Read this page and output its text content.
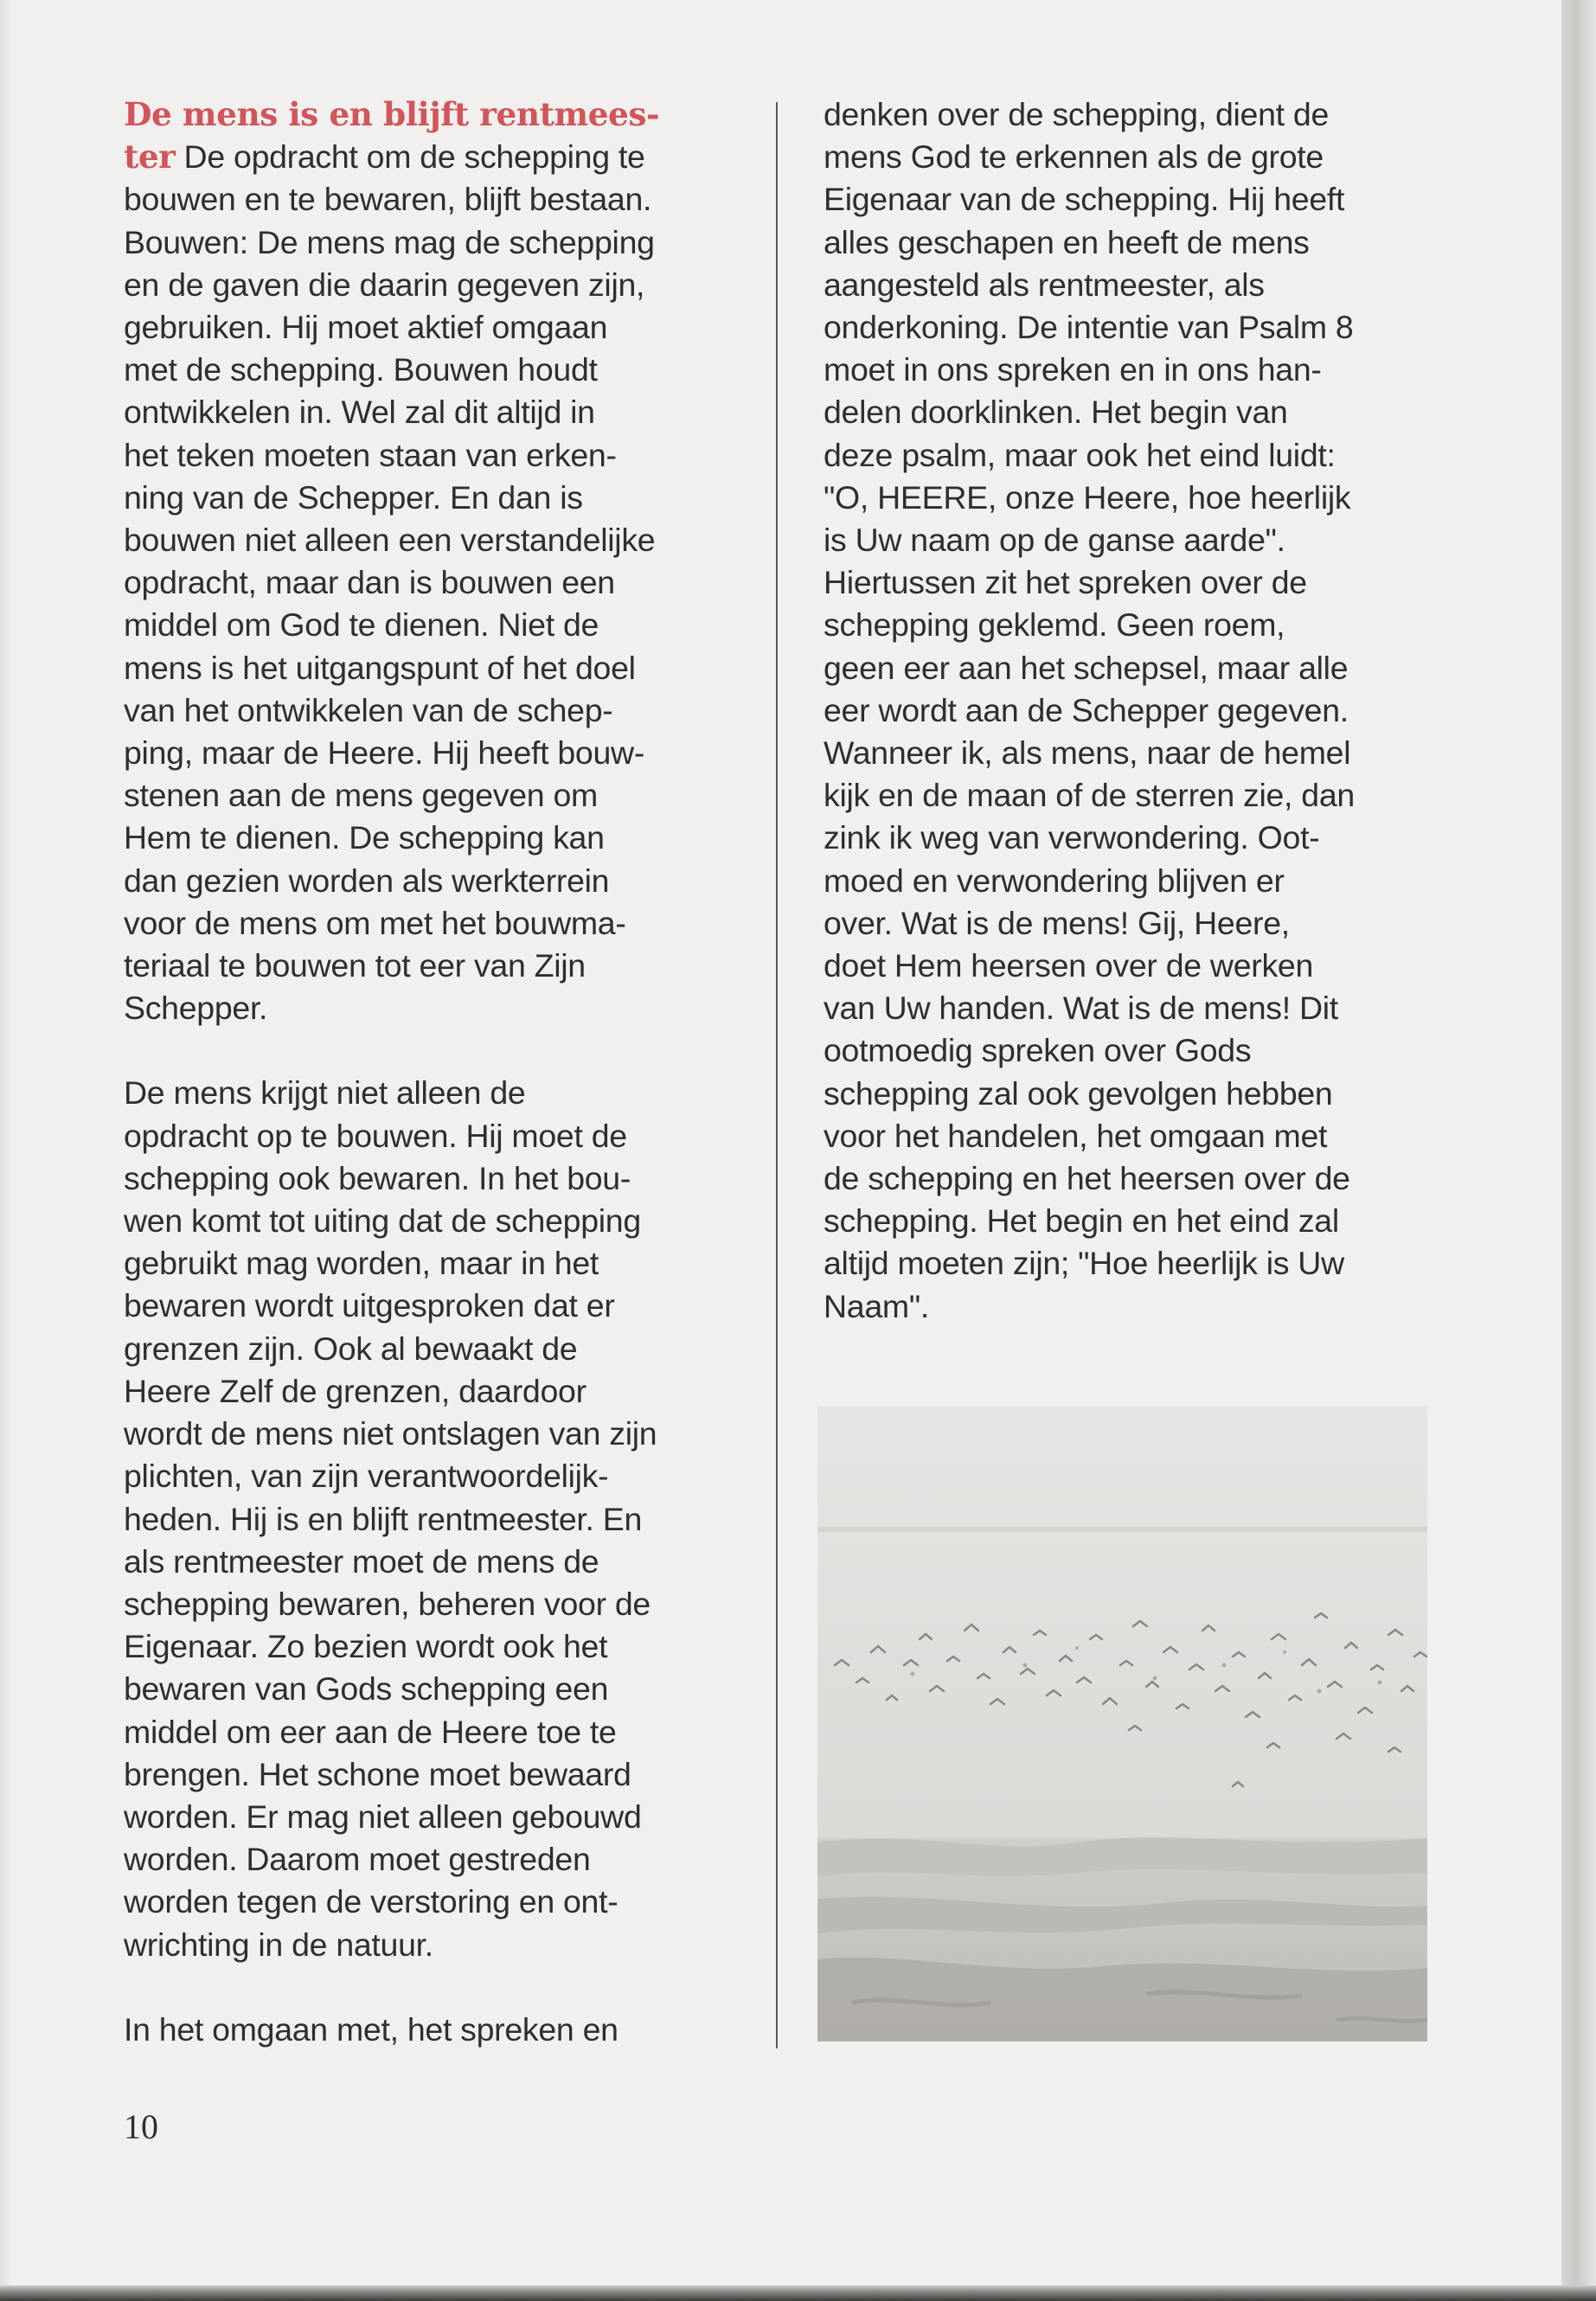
De mens is en blijft rentmees-
ter De opdracht om de schepping te
bouwen en te bewaren, blijft bestaan.
Bouwen: De mens mag de schepping
en de gaven die daarin gegeven zijn,
gebruiken. Hij moet aktief omgaan
met de schepping. Bouwen houdt
ontwikkelen in. Wel zal dit altijd in
het teken moeten staan van erken-
ning van de Schepper. En dan is
bouwen niet alleen een verstandelijke
opdracht, maar dan is bouwen een
middel om God te dienen. Niet de
mens is het uitgangspunt of het doel
van het ontwikkelen van de schep-
ping, maar de Heere. Hij heeft bouw-
stenen aan de mens gegeven om
Hem te dienen. De schepping kan
dan gezien worden als werkterrein
voor de mens om met het bouwma-
teriaal te bouwen tot eer van Zijn
Schepper.

De mens krijgt niet alleen de
opdracht op te bouwen. Hij moet de
schepping ook bewaren. In het bou-
wen komt tot uiting dat de schepping
gebruikt mag worden, maar in het
bewaren wordt uitgesproken dat er
grenzen zijn. Ook al bewaakt de
Heere Zelf de grenzen, daardoor
wordt de mens niet ontslagen van zijn
plichten, van zijn verantwoordelijk-
heden. Hij is en blijft rentmeester. En
als rentmeester moet de mens de
schepping bewaren, beheren voor de
Eigenaar. Zo bezien wordt ook het
bewaren van Gods schepping een
middel om eer aan de Heere toe te
brengen. Het schone moet bewaard
worden. Er mag niet alleen gebouwd
worden. Daarom moet gestreden
worden tegen de verstoring en ont-
wrichting in de natuur.

In het omgaan met, het spreken en

denken over de schepping, dient de
mens God te erkennen als de grote
Eigenaar van de schepping. Hij heeft
alles geschapen en heeft de mens
aangesteld als rentmeester, als
onderkoning. De intentie van Psalm 8
moet in ons spreken en in ons han-
delen doorklinken. Het begin van
deze psalm, maar ook het eind luidt:
"O, HEERE, onze Heere, hoe heerlijk
is Uw naam op de ganse aarde".
Hiertussen zit het spreken over de
schepping geklemd. Geen roem,
geen eer aan het schepsel, maar alle
eer wordt aan de Schepper gegeven.
Wanneer ik, als mens, naar de hemel
kijk en de maan of de sterren zie, dan
zink ik weg van verwondering. Oot-
moed en verwondering blijven er
over. Wat is de mens! Gij, Heere,
doet Hem heersen over de werken
van Uw handen. Wat is de mens! Dit
ootmoedig spreken over Gods
schepping zal ook gevolgen hebben
voor het handelen, het omgaan met
de schepping en het heersen over de
schepping. Het begin en het eind zal
altijd moeten zijn; "Hoe heerlijk is Uw
Naam".

10
